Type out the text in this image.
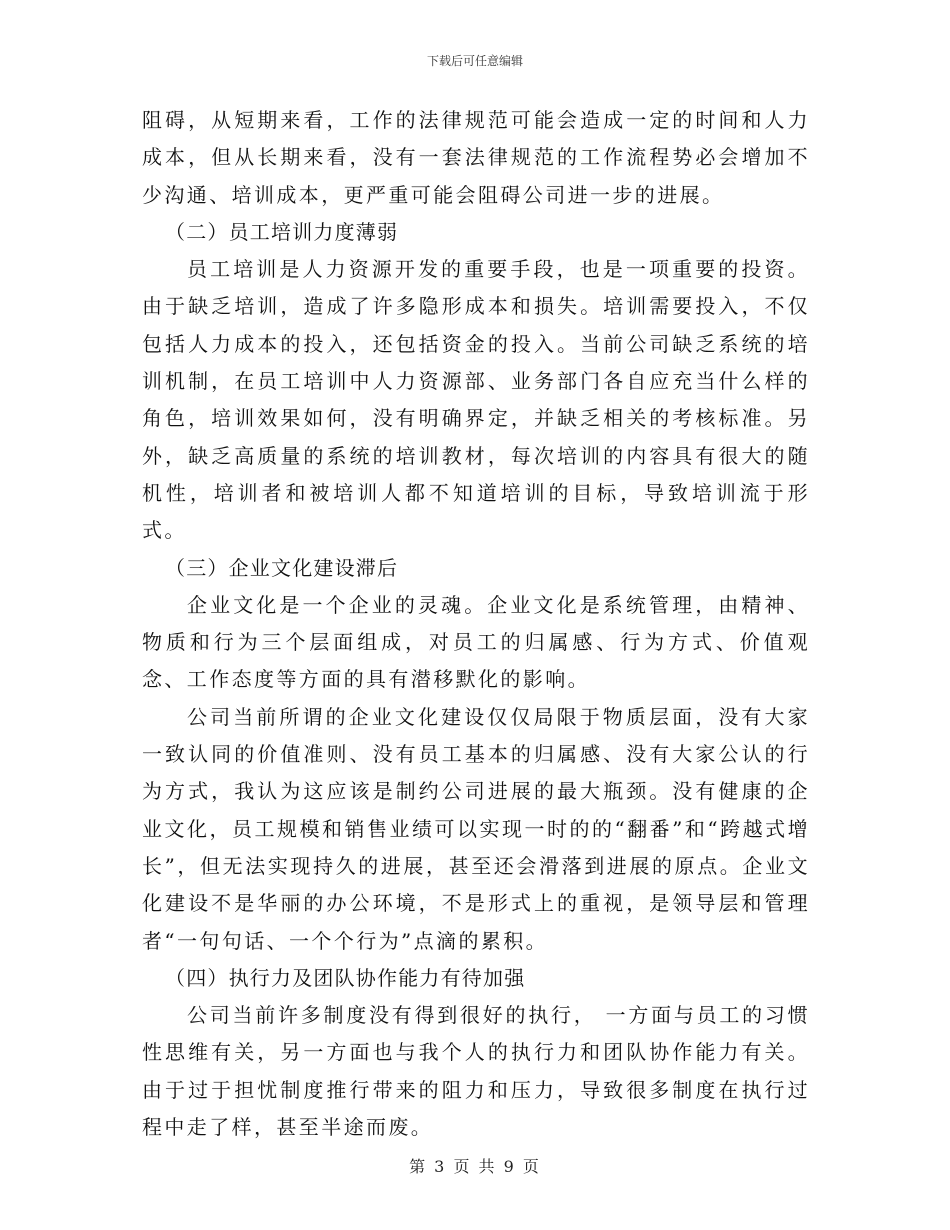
下载后可任意编辑

阻碍，从短期来看，工作的法律规范可能会造成一定的时间和人力成本，但从长期来看，没有一套法律规范的工作流程势必会增加不少沟通、培训成本，更严重可能会阻碍公司进一步的进展。

（二）员工培训力度薄弱

员工培训是人力资源开发的重要手段，也是一项重要的投资。由于缺乏培训，造成了许多隐形成本和损失。培训需要投入，不仅包括人力成本的投入，还包括资金的投入。当前公司缺乏系统的培训机制，在员工培训中人力资源部、业务部门各自应充当什么样的角色，培训效果如何，没有明确界定，并缺乏相关的考核标准。另外，缺乏高质量的系统的培训教材，每次培训的内容具有很大的随机性，培训者和被培训人都不知道培训的目标，导致培训流于形式。

（三）企业文化建设滞后

企业文化是一个企业的灵魂。企业文化是系统管理，由精神、物质和行为三个层面组成，对员工的归属感、行为方式、价值观念、工作态度等方面的具有潜移默化的影响。

公司当前所谓的企业文化建设仅仅局限于物质层面，没有大家一致认同的价值准则、没有员工基本的归属感、没有大家公认的行为方式，我认为这应该是制约公司进展的最大瓶颈。没有健康的企业文化，员工规模和销售业绩可以实现一时的的“翻番”和“跨越式增长”，但无法实现持久的进展，甚至还会滑落到进展的原点。企业文化建设不是华丽的办公环境，不是形式上的重视，是领导层和管理者“一句句话、一个个行为”点滴的累积。

（四）执行力及团队协作能力有待加强

公司当前许多制度没有得到很好的执行， 一方面与员工的习惯性思维有关，另一方面也与我个人的执行力和团队协作能力有关。由于过于担忧制度推行带来的阻力和压力，导致很多制度在执行过程中走了样，甚至半途而废。

第 3 页 共 9 页
